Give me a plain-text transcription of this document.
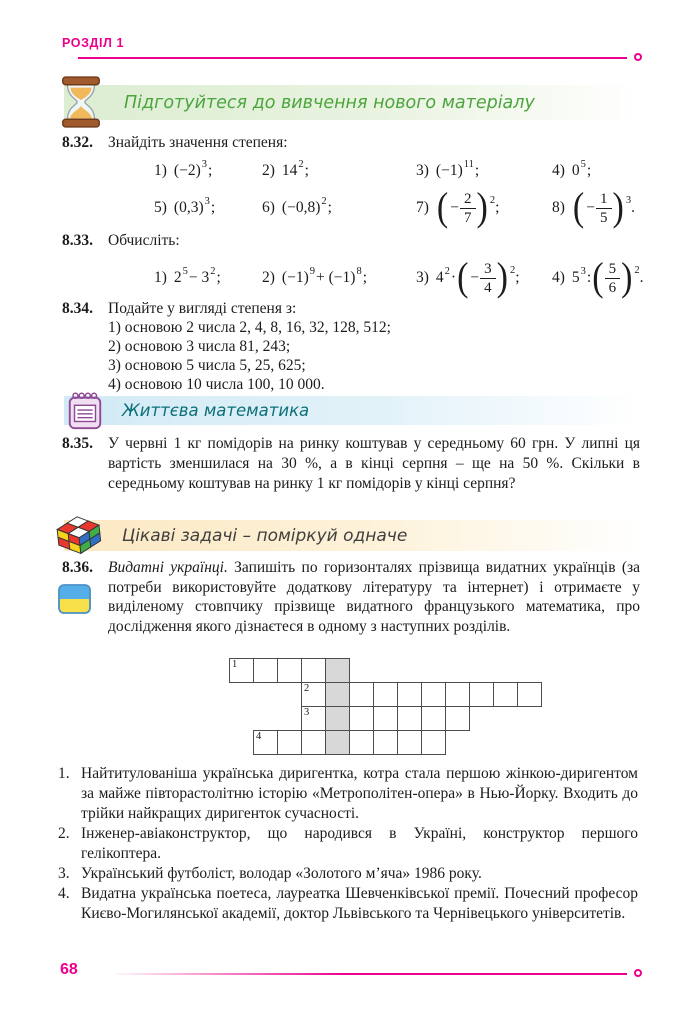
РОЗДІЛ 1
Підготуйтеся до вивчення нового матеріалу
8.32. Знайдіть значення степеня:
1) $(-2)^3$ ;	2) $14^2$ ;	3) $(-1)^{11}$ ;	4) $0^5$ ;
5) $(0,3)^3$ ;	6) $(-0,8)^2$ ;	7) ( − $\frac{2}{7}$ ) 2 ;	8) ( − $\frac{1}{5}$ ) 3 .
8.33. Обчисліть:
1) $2^5 - 3^2$ ;	2) $(-1)^9 + (-1)^8$ ;	3) $4^2$ · ( − $\frac{3}{4}$ ) 2 ; 4) $5^3$ : ( $\frac{5}{6}$ ) 2 .
8.34. Подайте у вигляді степеня з:
1) основою 2 числа 2, 4, 8, 16, 32, 128, 512;
2) основою 3 числа 81, 243;
3) основою 5 числа 5, 25, 625;
4) основою 10 числа 100, 10 000.
Життєва математика
8.35. У червні 1 кг помідорів на ринку коштував у середньому 60 грн. У липні ця вартість зменшилася на 30 %, а в кінці серпня – ще на 50 %. Скільки в середньому коштував на ринку 1 кг помідорів у кінці серпня?

Цікаві задачі – поміркуй одначе
8.36. Видатні українці. Запишіть по горизонталях прізвища видатних українців (за потреби використовуйте додаткову літературу та інтернет) і отримаєте у виділеному стовпчику прізвище видатного французького математика, про дослідження якого дізнаєтеся в одному з наступних розділів.

1
2
3
4
1. Найтитулованіша українська диригентка, котра стала першою жінкою-диригентом за майже півторастолітню історію «Метрополітен-опера» в Нью-Йорку. Входить до трійки найкращих диригенток сучасності.
2. Інженер-авіаконструктор, що народився в Україні, конструктор першого гелікоптера.
3. Український футболіст, володар «Золотого м’яча» 1986 року.
4. Видатна українська поетеса, лауреатка Шевченківської премії. Почесний професор Києво-Могилянської академії, доктор Львівського та Чернівецького університетів.
68
